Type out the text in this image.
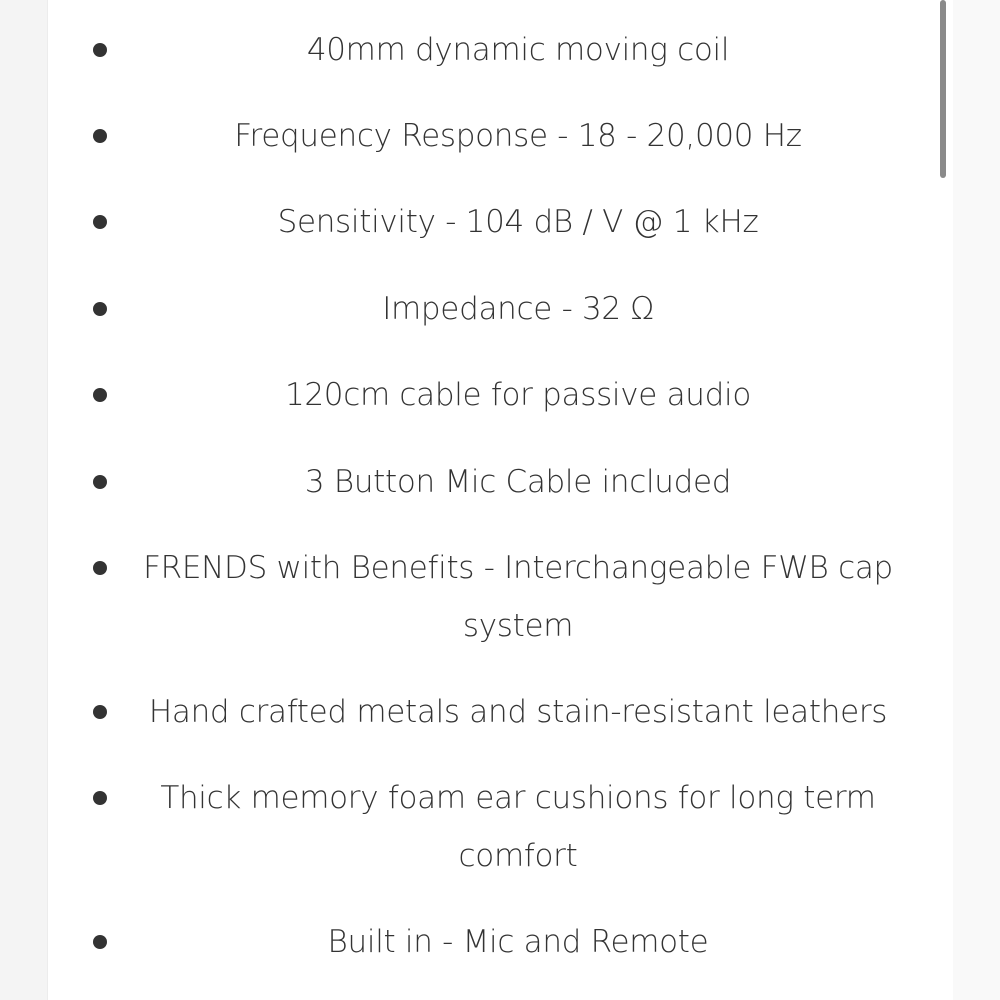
40mm dynamic moving coil
Frequency Response - 18 - 20,000 Hz
Sensitivity - 104 dB / V @ 1 kHz
Impedance - 32 Ω
120cm cable for passive audio
3 Button Mic Cable included
FRENDS with Benefits - Interchangeable FWB cap system
Hand crafted metals and stain-resistant leathers
Thick memory foam ear cushions for long term comfort
Built in - Mic and Remote
